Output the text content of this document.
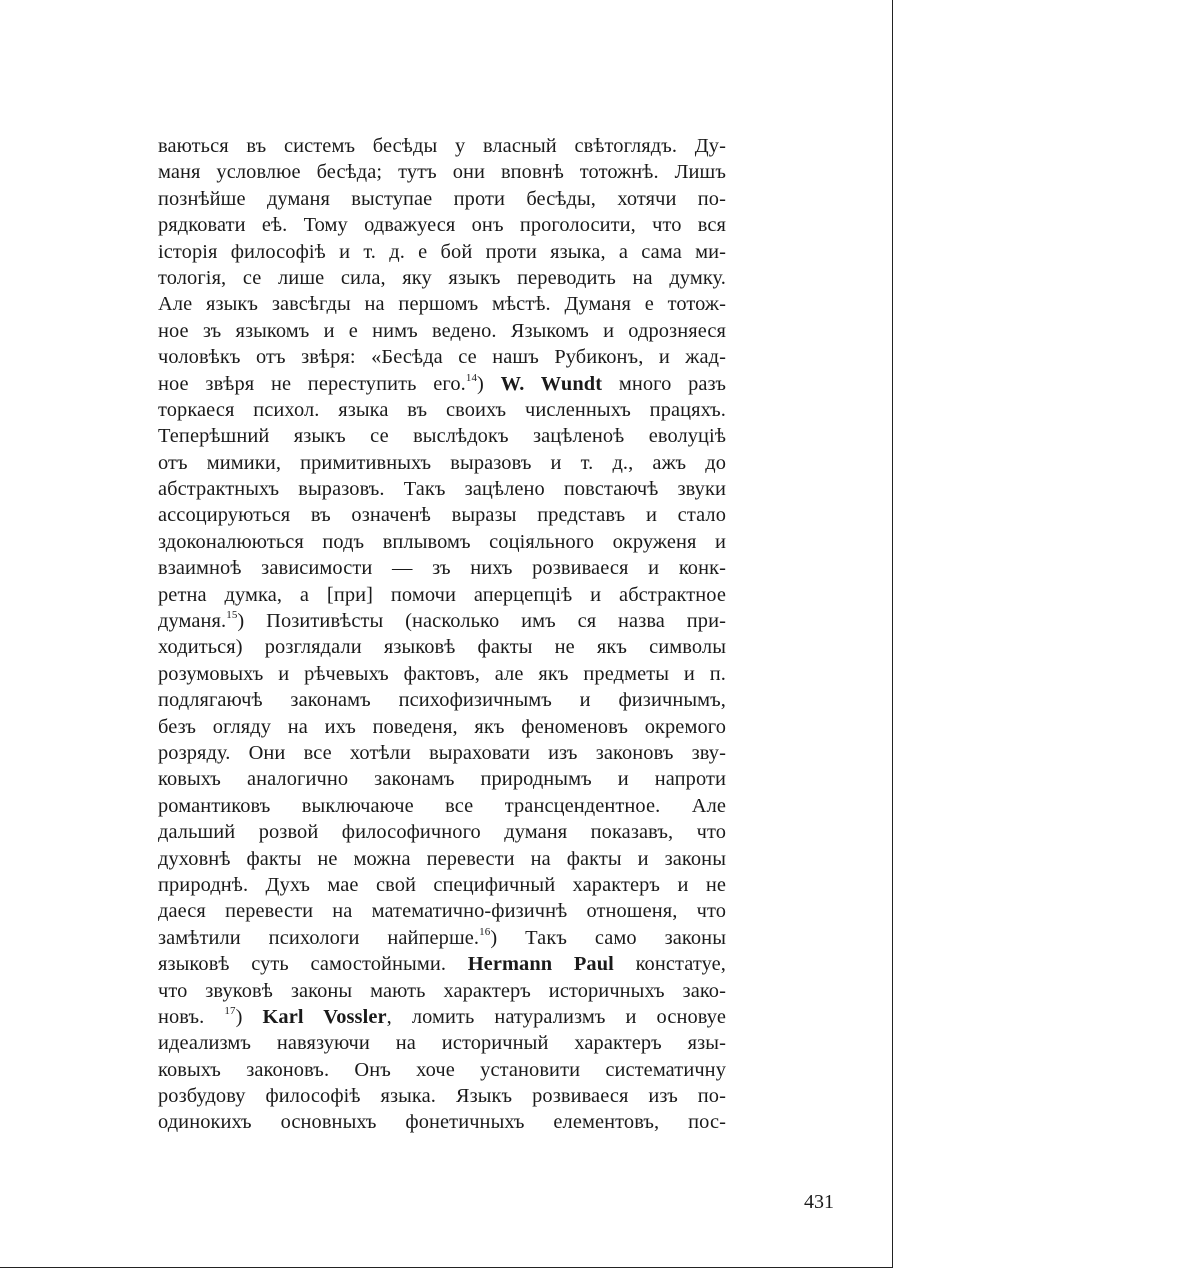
ваються въ системъ бесѣды у власный свѣтоглядъ. Ду-
маня условлюе бесѣда; тутъ они вповнѣ тотожнѣ. Лишъ
познѣйше думаня выступае проти бесѣды, хотячи по-
рядковати еѣ. Тому одважуеся онъ проголосити, что вся
історія философіѣ и т. д. е бой проти языка, а сама ми-
тологія, се лише сила, яку языкъ переводить на думку.
Але языкъ завсѣгды на першомъ мѣстѣ. Думаня е тотож-
ное зъ языкомъ и е нимъ ведено. Языкомъ и одрозняеся
чоловѣкъ отъ звѣря: «Бесѣда се нашъ Рубиконъ, и жад-
ное звѣря не переступить его.$^{14}$) W. Wundt много разъ
торкаеся психол. языка въ своихъ численныхъ працяхъ.
Теперѣшний языкъ се выслѣдокъ зацѣленоѣ еволуціѣ
отъ мимики, примитивныхъ выразовъ и т. д., ажъ до
абстрактныхъ выразовъ. Такъ зацѣлено повстаючѣ звуки
ассоцируються въ означенѣ выразы представъ и стало
здоконалюються подъ вплывомъ соціяльного окруженя и
взаимноѣ зависимости — зъ нихъ розвиваеся и конк-
ретна думка, а [при] помочи аперцепціѣ и абстрактное
думаня.$^{15}$) Позитивѣсты (насколько имъ ся назва при-
ходиться) розглядали языковѣ факты не якъ символы
розумовыхъ и рѣчевыхъ фактовъ, але якъ предметы и п.
подлягаючѣ законамъ психофизичнымъ и физичнымъ,
безъ огляду на ихъ поведеня, якъ феноменовъ окремого
розряду. Они все хотѣли выраховати изъ законовъ зву-
ковыхъ аналогично законамъ природнымъ и напроти
романтиковъ выключаюче все трансцендентное. Але
дальший розвой философичного думаня показавъ, что
духовнѣ факты не можна перевести на факты и законы
природнѣ. Духъ мае свой специфичный характеръ и не
даеся перевести на математично-физичнѣ отношеня, что
замѣтили психологи найперше.$^{16}$) Такъ само законы
языковѣ суть самостойными. Hermann Paul констатуе,
что звуковѣ законы мають характеръ историчныхъ зако-
новъ. $^{17}$) Karl Vossler, ломить натурализмъ и основуе
идеализмъ навязуючи на историчный характеръ язы-
ковыхъ законовъ. Онъ хоче установити систематичну
розбудову философіѣ языка. Языкъ розвиваеся изъ по-
одинокихъ основныхъ фонетичныхъ елементовъ, пос-
431
